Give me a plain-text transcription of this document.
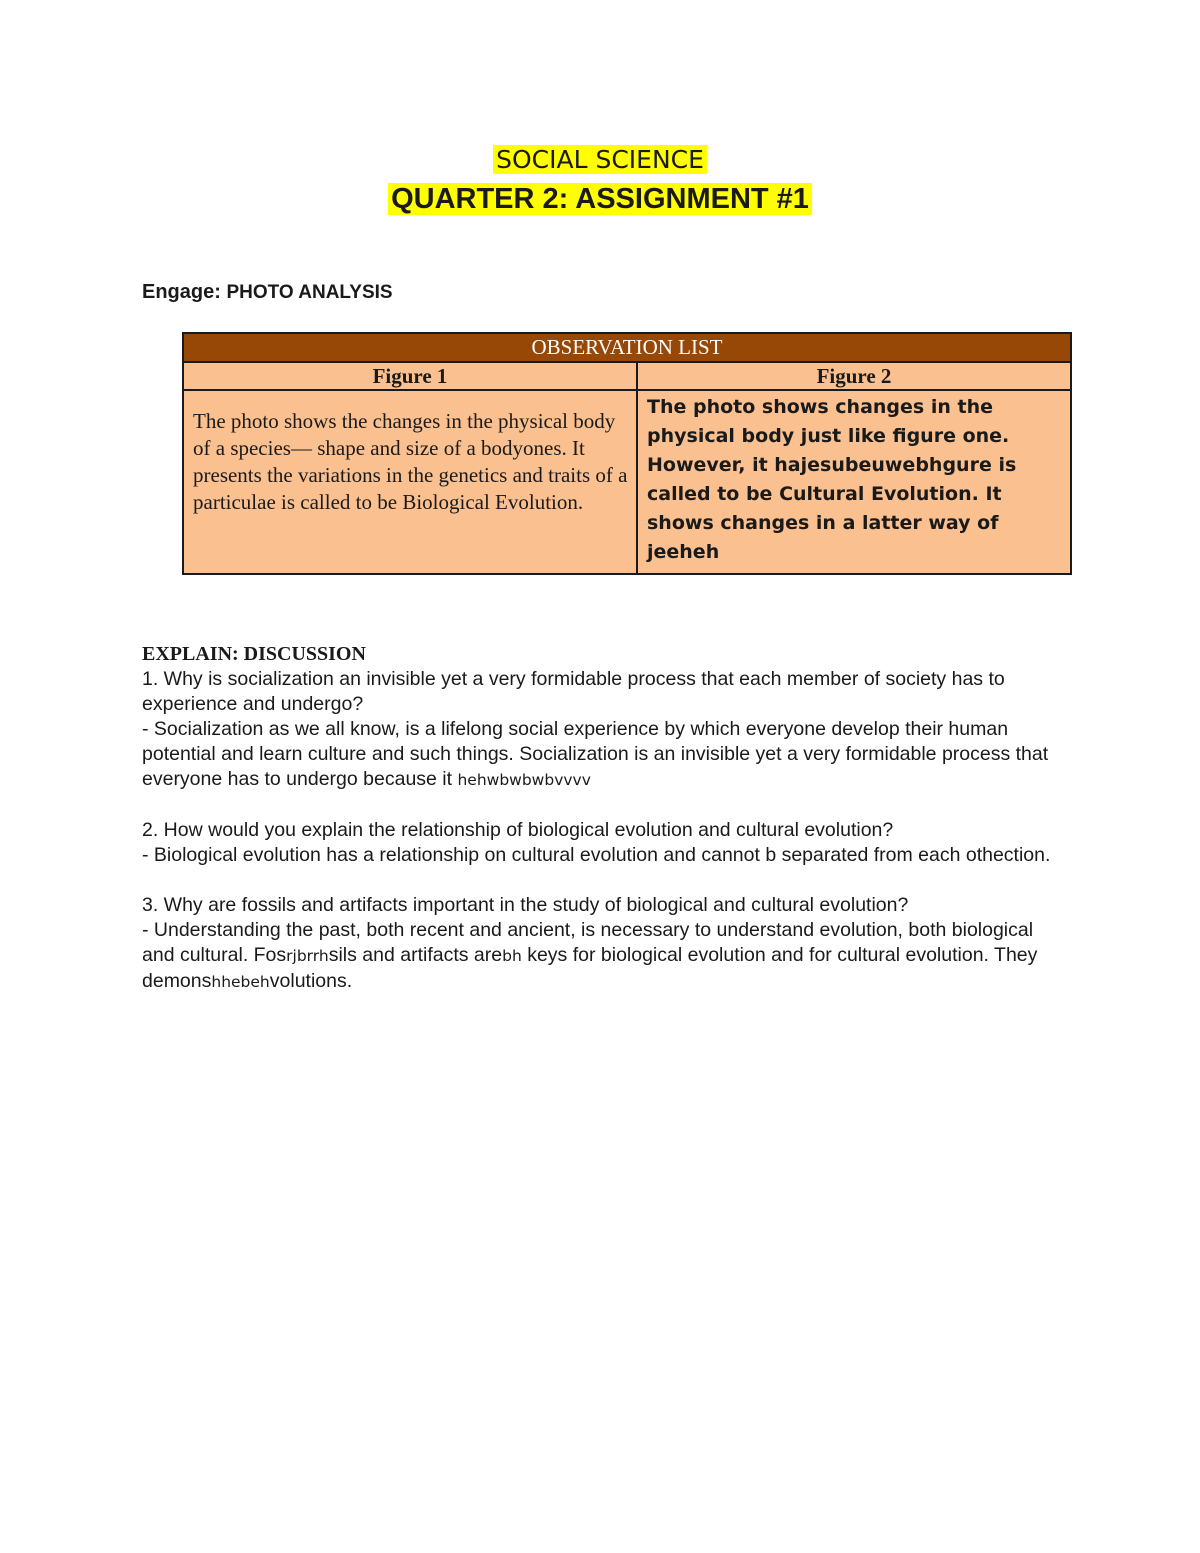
SOCIAL SCIENCE
QUARTER 2: ASSIGNMENT #1
Engage: PHOTO ANALYSIS
OBSERVATION LIST	
Figure 1	Figure 2
The photo shows the changes in the physical body of a species— shape and size of a bodyones. It presents the variations in the genetics and traits of a particulae is called to be Biological Evolution.	The photo shows changes in the physical body just like figure one. However, it hajesubeuwebhgure is called to be Cultural Evolution. It shows changes in a latter way of jeeheh
EXPLAIN: DISCUSSION

1. Why is socialization an invisible yet a very formidable process that each member of society has to experience and undergo?

- Socialization as we all know, is a lifelong social experience by which everyone develop their human potential and learn culture and such things. Socialization is an invisible yet a very formidable process that everyone has to undergo because it hehwbwbwbvvvv

2. How would you explain the relationship of biological evolution and cultural evolution?

- Biological evolution has a relationship on cultural evolution and cannot b separated from each othection.

3. Why are fossils and artifacts important in the study of biological and cultural evolution?

- Understanding the past, both recent and ancient, is necessary to understand evolution, both biological and cultural. Fosrjbrrhsils and artifacts arebh keys for biological evolution and for cultural evolution. They demonshhebehvolutions.
